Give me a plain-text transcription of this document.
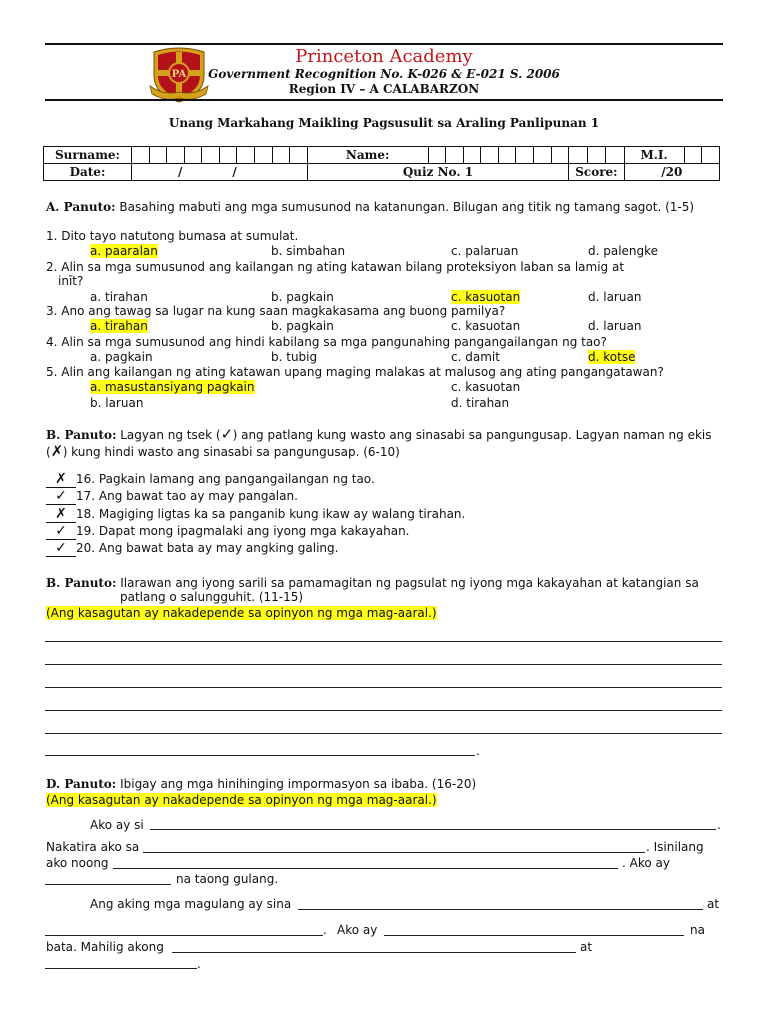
PA
Princeton Academy
Government Recognition No. K-026 & E-021 S. 2006
Region IV – A CALABARZON
Unang Markahang Maikling Pagsusulit sa Araling Panlipunan 1
Surname:											Name:												M.I.		
Date:	/ /										Quiz No. 1									Score:			/20		
A. Panuto: Basahing mabuti ang mga sumusunod na katanungan. Bilugan ang titik ng tamang sagot. (1-5)
1. Dito tayo natutong bumasa at sumulat.
a. paaralan	b. simbahan	c. palaruan	d. palengke
2. Alin sa mga sumusunod ang kailangan ng ating katawan bilang proteksiyon laban sa lamig at
inīt?
a. tirahan	b. pagkain	c. kasuotan	d. laruan
3. Ano ang tawag sa lugar na kung saan magkakasama ang buong pamilya?
a. tirahan	b. pagkain	c. kasuotan	d. laruan
4. Alin sa mga sumusunod ang hindi kabilang sa mga pangunahing pangangailangan ng tao?
a. pagkain	b. tubig	c. damit	d. kotse
5. Alin ang kailangan ng ating katawan upang maging malakas at malusog ang ating pangangatawan?
a. masustansiyang pagkain	c. kasuotan
b. laruan	d. tirahan
B. Panuto: Lagyan ng tsek (✓) ang patlang kung wasto ang sinasabi sa pangungusap. Lagyan naman ng ekis
(✗) kung hindi wasto ang sinasabi sa pangungusap. (6-10)
✗ 16. Pagkain lamang ang pangangailangan ng tao.
✓ 17. Ang bawat tao ay may pangalan.
✗ 18. Magiging ligtas ka sa panganib kung ikaw ay walang tirahan.
✓ 19. Dapat mong ipagmalaki ang iyong mga kakayahan.
✓ 20. Ang bawat bata ay may angking galing.
B. Panuto: Ilarawan ang iyong sarili sa pamamagitan ng pagsulat ng iyong mga kakayahan at katangian sa
patlang o salungguhit. (11-15)
(Ang kasagutan ay nakadepende sa opinyon ng mga mag-aaral.)
.
D. Panuto: Ibigay ang mga hinihinging impormasyon sa ibaba. (16-20)
(Ang kasagutan ay nakadepende sa opinyon ng mga mag-aaral.)
Ako ay si	.
Nakatira ako sa	. Isinilang
ako noong	. Ako ay
na taong gulang.
Ang aking mga magulang ay sina	at
. Ako ay	na
bata. Mahilig akong	at
.
